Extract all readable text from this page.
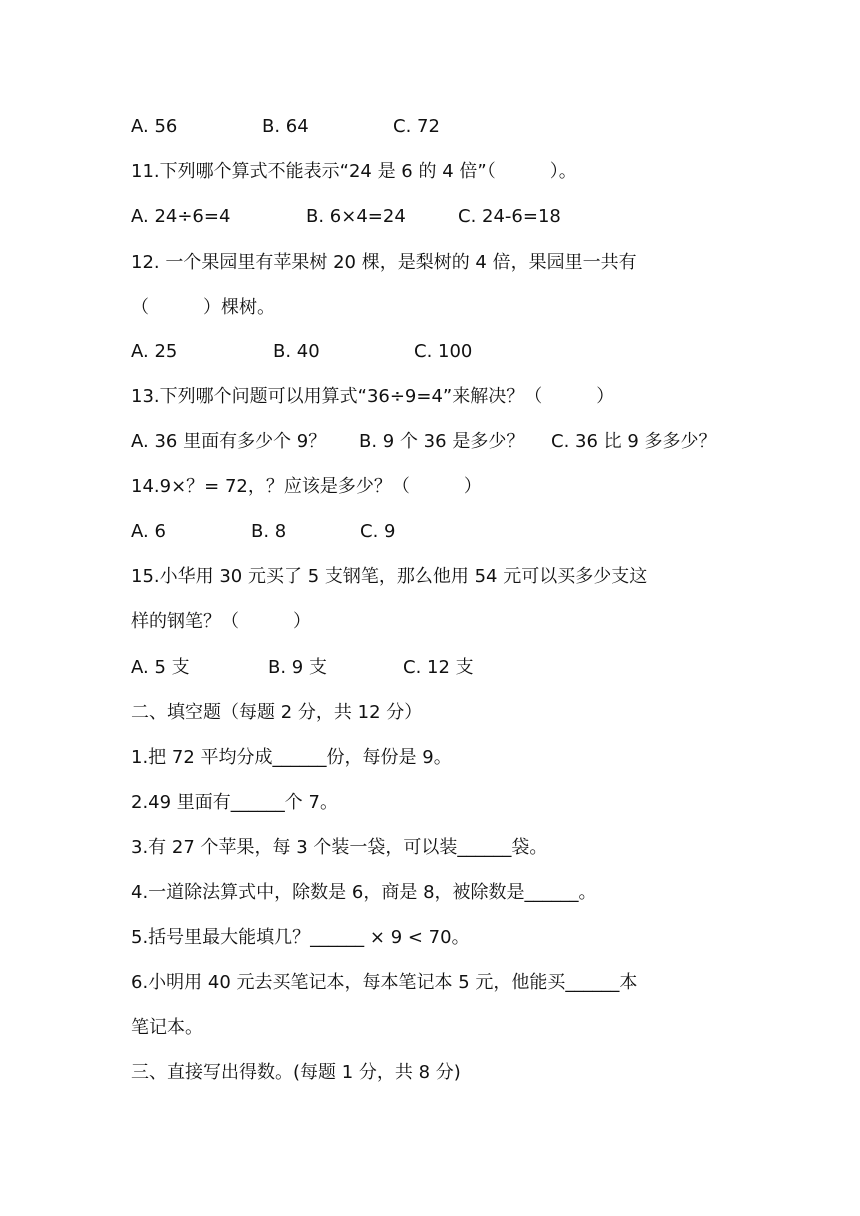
A. 56	B. 64	C. 72
11.下列哪个算式不能表示“24 是 6 的 4 倍”（　　　）。
A. 24÷6=4	B. 6×4=24	C. 24-6=18
12. 一个果园里有苹果树 20 棵，是梨树的 4 倍，果园里一共有
（　　　）棵树。
A. 25	B. 40	C. 100
13.下列哪个问题可以用算式“36÷9=4”来解决？（　　　）
A. 36 里面有多少个 9？ B. 9 个 36 是多少？ C. 36 比 9 多多少？
14.9×？= 72，？应该是多少？（　　　）
A. 6	B. 8	C. 9
15.小华用 30 元买了 5 支钢笔，那么他用 54 元可以买多少支这
样的钢笔？（　　　）
A. 5 支	B. 9 支	C. 12 支
二、填空题（每题 2 分，共 12 分）
1.把 72 平均分成______份，每份是 9。
2.49 里面有______个 7。
3.有 27 个苹果，每 3 个装一袋，可以装______袋。
4.一道除法算式中，除数是 6，商是 8，被除数是______。
5.括号里最大能填几？______ × 9 < 70。
6.小明用 40 元去买笔记本，每本笔记本 5 元，他能买______本
笔记本。
三、直接写出得数。(每题 1 分，共 8 分)
